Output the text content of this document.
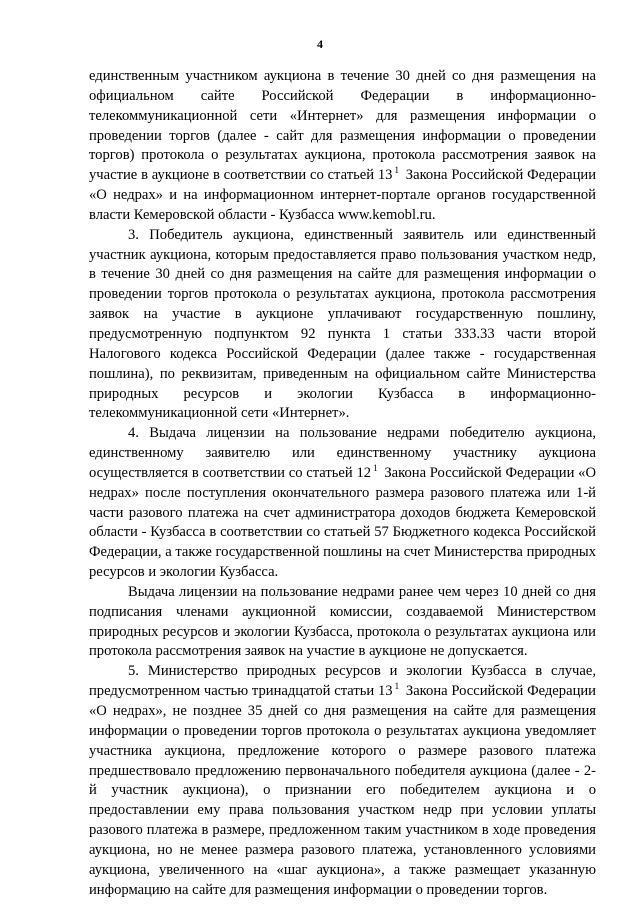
4

единственным участником аукциона в течение 30 дней со дня размещения на официальном сайте Российской Федерации в информационно-телекоммуникационной сети «Интернет» для размещения информации о проведении торгов (далее - сайт для размещения информации о проведении торгов) протокола о результатах аукциона, протокола рассмотрения заявок на участие в аукционе в соответствии со статьей 13 $^1$ Закона Российской Федерации «О недрах» и на информационном интернет-портале органов государственной власти Кемеровской области - Кузбасса www.kemobl.ru.

3. Победитель аукциона, единственный заявитель или единственный участник аукциона, которым предоставляется право пользования участком недр, в течение 30 дней со дня размещения на сайте для размещения информации о проведении торгов протокола о результатах аукциона, протокола рассмотрения заявок на участие в аукционе уплачивают государственную пошлину, предусмотренную подпунктом 92 пункта 1 статьи 333.33 части второй Налогового кодекса Российской Федерации (далее также - государственная пошлина), по реквизитам, приведенным на официальном сайте Министерства природных ресурсов и экологии Кузбасса в информационно-телекоммуникационной сети «Интернет».

4. Выдача лицензии на пользование недрами победителю аукциона, единственному заявителю или единственному участнику аукциона осуществляется в соответствии со статьей 12 $^1$ Закона Российской Федерации «О недрах» после поступления окончательного размера разового платежа или 1-й части разового платежа на счет администратора доходов бюджета Кемеровской области - Кузбасса в соответствии со статьей 57 Бюджетного кодекса Российской Федерации, а также государственной пошлины на счет Министерства природных ресурсов и экологии Кузбасса.

Выдача лицензии на пользование недрами ранее чем через 10 дней со дня подписания членами аукционной комиссии, создаваемой Министерством природных ресурсов и экологии Кузбасса, протокола о результатах аукциона или протокола рассмотрения заявок на участие в аукционе не допускается.

5. Министерство природных ресурсов и экологии Кузбасса в случае, предусмотренном частью тринадцатой статьи 13 $^1$ Закона Российской Федерации «О недрах», не позднее 35 дней со дня размещения на сайте для размещения информации о проведении торгов протокола о результатах аукциона уведомляет участника аукциона, предложение которого о размере разового платежа предшествовало предложению первоначального победителя аукциона (далее - 2-й участник аукциона), о признании его победителем аукциона и о предоставлении ему права пользования участком недр при условии уплаты разового платежа в размере, предложенном таким участником в ходе проведения аукциона, но не менее размера разового платежа, установленного условиями аукциона, увеличенного на «шаг аукциона», а также размещает указанную информацию на сайте для размещения информации о проведении торгов.
